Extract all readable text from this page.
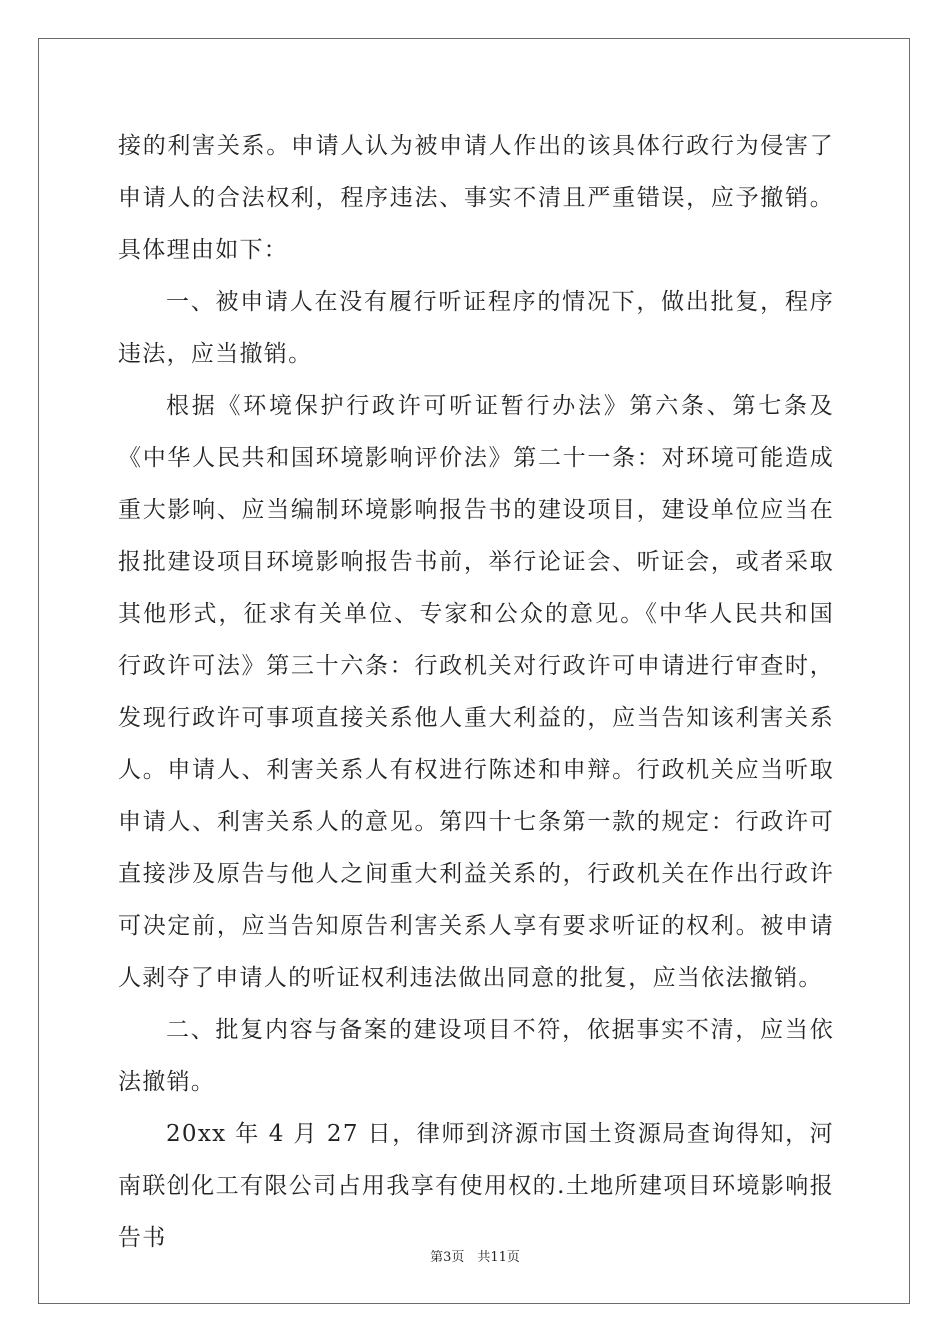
接的利害关系。申请人认为被申请人作出的该具体行政行为侵害了申请人的合法权利，程序违法、事实不清且严重错误，应予撤销。具体理由如下：

一、被申请人在没有履行听证程序的情况下，做出批复，程序违法，应当撤销。

根据《环境保护行政许可听证暂行办法》第六条、第七条及《中华人民共和国环境影响评价法》第二十一条：对环境可能造成重大影响、应当编制环境影响报告书的建设项目，建设单位应当在报批建设项目环境影响报告书前，举行论证会、听证会，或者采取其他形式，征求有关单位、专家和公众的意见。《中华人民共和国行政许可法》第三十六条：行政机关对行政许可申请进行审查时，发现行政许可事项直接关系他人重大利益的，应当告知该利害关系人。申请人、利害关系人有权进行陈述和申辩。行政机关应当听取申请人、利害关系人的意见。第四十七条第一款的规定：行政许可直接涉及原告与他人之间重大利益关系的，行政机关在作出行政许可决定前，应当告知原告利害关系人享有要求听证的权利。被申请人剥夺了申请人的听证权利违法做出同意的批复，应当依法撤销。

二、批复内容与备案的建设项目不符，依据事实不清，应当依法撤销。

20xx 年 4 月 27 日，律师到济源市国土资源局查询得知，河南联创化工有限公司占用我享有使用权的.土地所建项目环境影响报告书

第3页　共11页
